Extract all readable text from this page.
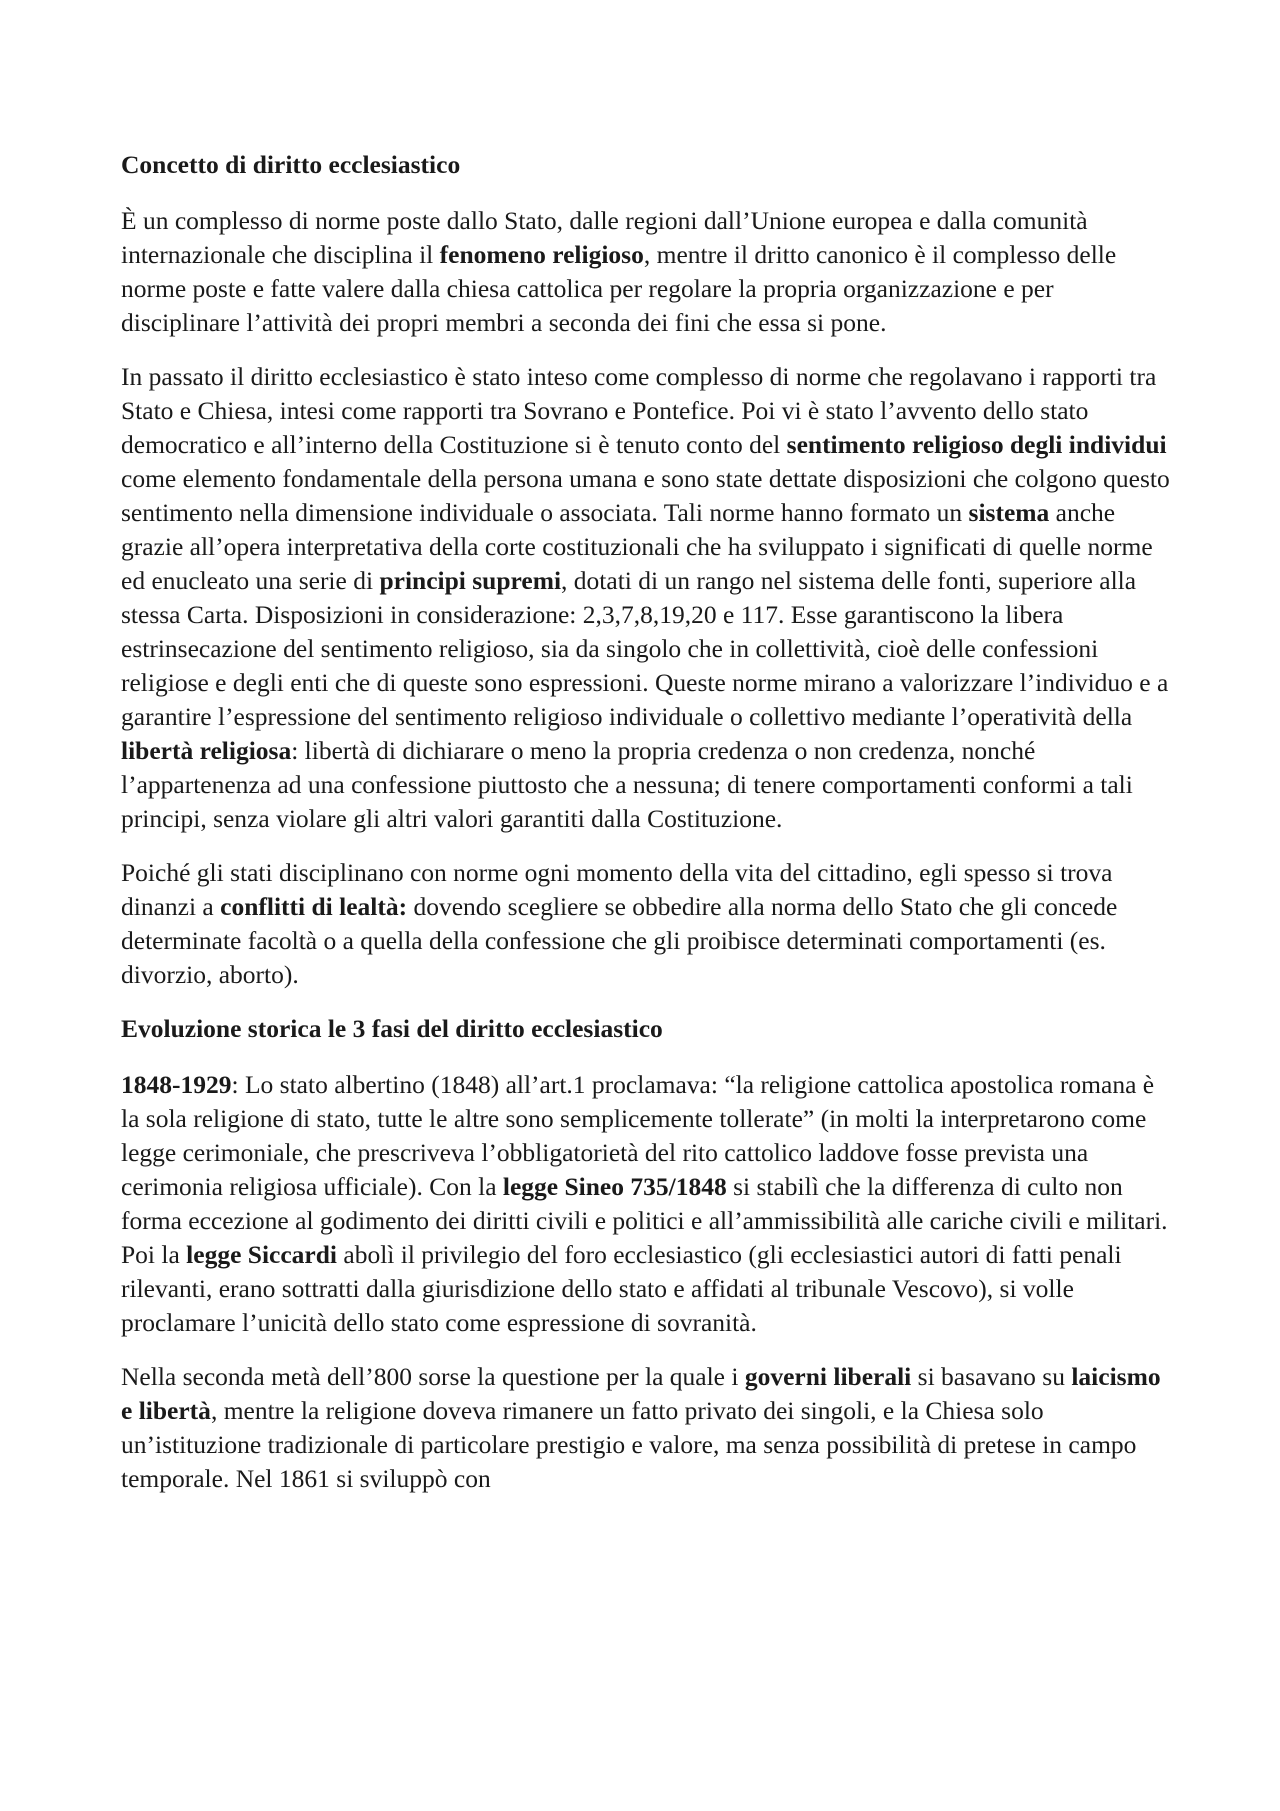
Concetto di diritto ecclesiastico

È un complesso di norme poste dallo Stato, dalle regioni dall’Unione europea e dalla comunità internazionale che disciplina il fenomeno religioso, mentre il dritto canonico è il complesso delle norme poste e fatte valere dalla chiesa cattolica per regolare la propria organizzazione e per disciplinare l’attività dei propri membri a seconda dei fini che essa si pone.

In passato il diritto ecclesiastico è stato inteso come complesso di norme che regolavano i rapporti tra Stato e Chiesa, intesi come rapporti tra Sovrano e Pontefice. Poi vi è stato l’avvento dello stato democratico e all’interno della Costituzione si è tenuto conto del sentimento religioso degli individui come elemento fondamentale della persona umana e sono state dettate disposizioni che colgono questo sentimento nella dimensione individuale o associata. Tali norme hanno formato un sistema anche grazie all’opera interpretativa della corte costituzionali che ha sviluppato i significati di quelle norme ed enucleato una serie di principi supremi, dotati di un rango nel sistema delle fonti, superiore alla stessa Carta. Disposizioni in considerazione: 2,3,7,8,19,20 e 117. Esse garantiscono la libera estrinsecazione del sentimento religioso, sia da singolo che in collettività, cioè delle confessioni religiose e degli enti che di queste sono espressioni. Queste norme mirano a valorizzare l’individuo e a garantire l’espressione del sentimento religioso individuale o collettivo mediante l’operatività della libertà religiosa: libertà di dichiarare o meno la propria credenza o non credenza, nonché l’appartenenza ad una confessione piuttosto che a nessuna; di tenere comportamenti conformi a tali principi, senza violare gli altri valori garantiti dalla Costituzione.

Poiché gli stati disciplinano con norme ogni momento della vita del cittadino, egli spesso si trova dinanzi a conflitti di lealtà: dovendo scegliere se obbedire alla norma dello Stato che gli concede determinate facoltà o a quella della confessione che gli proibisce determinati comportamenti (es. divorzio, aborto).

Evoluzione storica le 3 fasi del diritto ecclesiastico

1848-1929: Lo stato albertino (1848) all’art.1 proclamava: “la religione cattolica apostolica romana è la sola religione di stato, tutte le altre sono semplicemente tollerate” (in molti la interpretarono come legge cerimoniale, che prescriveva l’obbligatorietà del rito cattolico laddove fosse prevista una cerimonia religiosa ufficiale). Con la legge Sineo 735/1848 si stabilì che la differenza di culto non forma eccezione al godimento dei diritti civili e politici e all’ammissibilità alle cariche civili e militari. Poi la legge Siccardi abolì il privilegio del foro ecclesiastico (gli ecclesiastici autori di fatti penali rilevanti, erano sottratti dalla giurisdizione dello stato e affidati al tribunale Vescovo), si volle proclamare l’unicità dello stato come espressione di sovranità.

Nella seconda metà dell’800 sorse la questione per la quale i governi liberali si basavano su laicismo e libertà, mentre la religione doveva rimanere un fatto privato dei singoli, e la Chiesa solo un’istituzione tradizionale di particolare prestigio e valore, ma senza possibilità di pretese in campo temporale. Nel 1861 si sviluppò con
